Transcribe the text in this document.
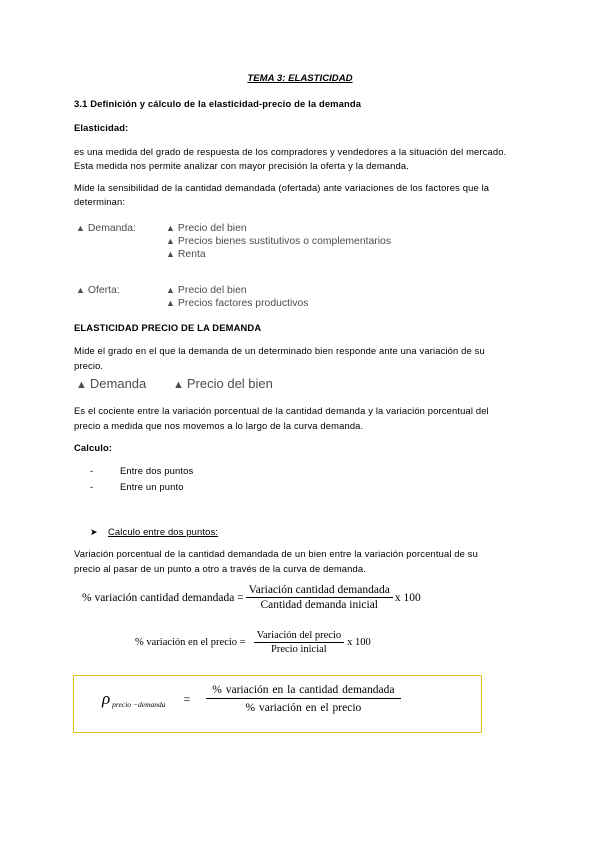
TEMA 3: ELASTICIDAD
3.1 Definición y cálculo de la elasticidad-precio de la demanda
Elasticidad:
es una medida del grado de respuesta de los compradores y vendedores a la situación del mercado.
Esta medida nos permite analizar con mayor precisión la oferta y la demanda.
Mide la sensibilidad de la cantidad demandada (ofertada) ante variaciones de los factores que la
determinan:
▲ Demanda:	▲ Precio del bien
▲ Precios bienes sustitutivos o complementarios
▲ Renta
▲ Oferta:	▲ Precio del bien
▲ Precios factores productivos
ELASTICIDAD PRECIO DE LA DEMANDA
Mide el grado en el que la demanda de un determinado bien responde ante una variación de su
precio.
▲ Demanda ▲ Precio del bien
Es el cociente entre la variación porcentual de la cantidad demanda y la variación porcentual del
precio a medida que nos movemos a lo largo de la curva demanda.
Calculo:
-	Entre dos puntos
-	Entre un punto
➤ Calculo entre dos puntos:
Variación porcentual de la cantidad demandada de un bien entre la variación porcentual de su
precio al pasar de un punto a otro a través de la curva de demanda.
% variación cantidad demandada = $\frac{\text{Variación cantidad demandada}}{\text{Cantidad demanda inicial}}$ x 100
% variación en el precio = $\frac{\text{Variación del precio}}{\text{Precio inicial}}$ x 100
ρ precio −demanda = $\frac{\text{\% variación en la cantidad demandada}}{\text{\% variación en el precio}}$
